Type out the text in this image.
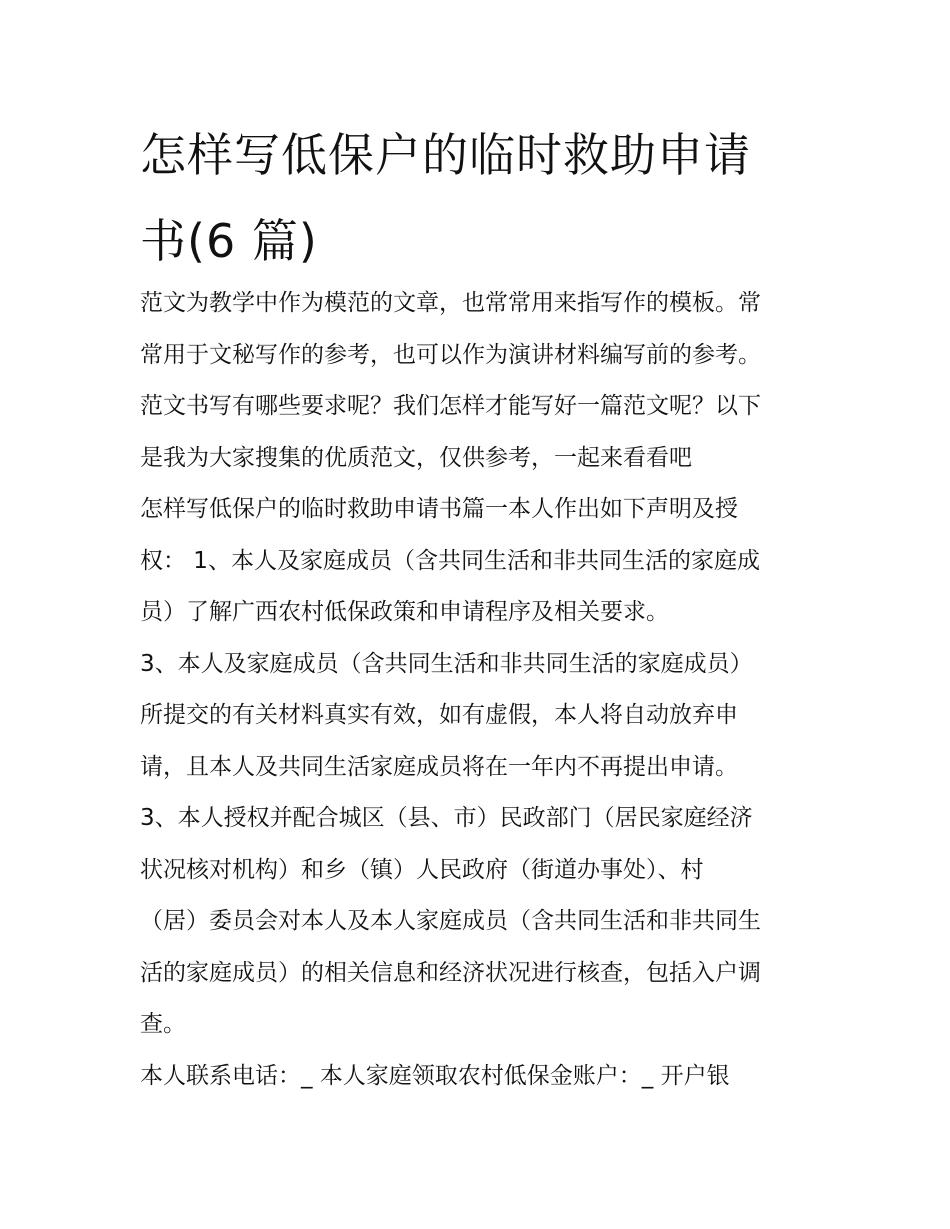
怎样写低保户的临时救助申请
书(6 篇)
范文为教学中作为模范的文章，也常常用来指写作的模板。常
常用于文秘写作的参考，也可以作为演讲材料编写前的参考。
范文书写有哪些要求呢？我们怎样才能写好一篇范文呢？以下
是我为大家搜集的优质范文，仅供参考，一起来看看吧
怎样写低保户的临时救助申请书篇一本人作出如下声明及授
权： 1、本人及家庭成员（含共同生活和非共同生活的家庭成
员）了解广西农村低保政策和申请程序及相关要求。
3、本人及家庭成员（含共同生活和非共同生活的家庭成员）
所提交的有关材料真实有效，如有虚假，本人将自动放弃申
请，且本人及共同生活家庭成员将在一年内不再提出申请。
3、本人授权并配合城区（县、市）民政部门（居民家庭经济
状况核对机构）和乡（镇）人民政府（街道办事处）、村
（居）委员会对本人及本人家庭成员（含共同生活和非共同生
活的家庭成员）的相关信息和经济状况进行核查，包括入户调
查。
本人联系电话：_ 本人家庭领取农村低保金账户：_ 开户银
